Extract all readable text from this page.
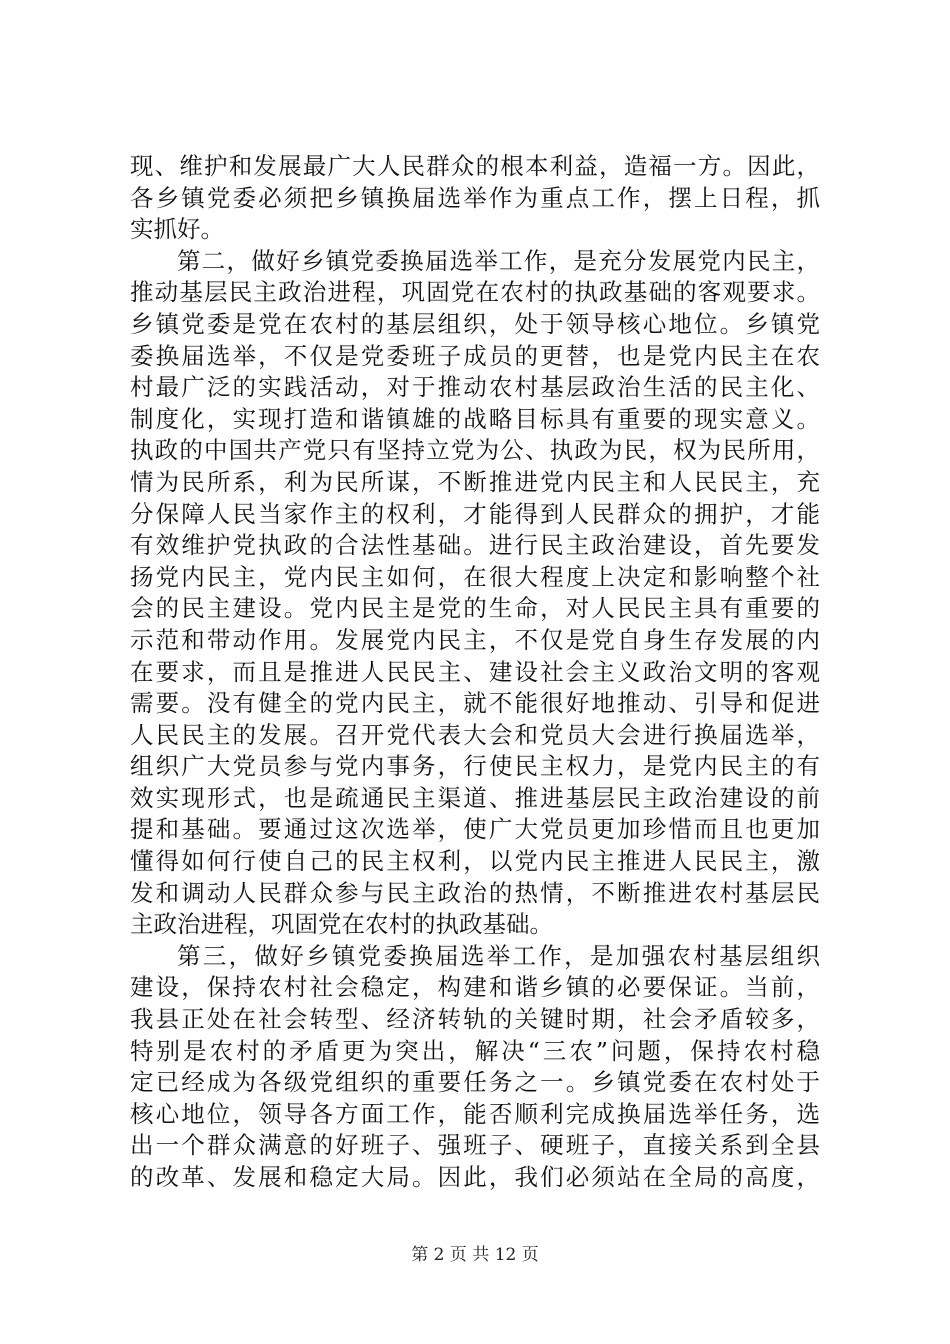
现、维护和发展最广大人民群众的根本利益，造福一方。因此，
各乡镇党委必须把乡镇换届选举作为重点工作，摆上日程，抓
实抓好。
第二，做好乡镇党委换届选举工作，是充分发展党内民主，
推动基层民主政治进程，巩固党在农村的执政基础的客观要求。
乡镇党委是党在农村的基层组织，处于领导核心地位。乡镇党
委换届选举，不仅是党委班子成员的更替，也是党内民主在农
村最广泛的实践活动，对于推动农村基层政治生活的民主化、
制度化，实现打造和谐镇雄的战略目标具有重要的现实意义。
执政的中国共产党只有坚持立党为公、执政为民，权为民所用，
情为民所系，利为民所谋，不断推进党内民主和人民民主，充
分保障人民当家作主的权利，才能得到人民群众的拥护，才能
有效维护党执政的合法性基础。进行民主政治建设，首先要发
扬党内民主，党内民主如何，在很大程度上决定和影响整个社
会的民主建设。党内民主是党的生命，对人民民主具有重要的
示范和带动作用。发展党内民主，不仅是党自身生存发展的内
在要求，而且是推进人民民主、建设社会主义政治文明的客观
需要。没有健全的党内民主，就不能很好地推动、引导和促进
人民民主的发展。召开党代表大会和党员大会进行换届选举，
组织广大党员参与党内事务，行使民主权力，是党内民主的有
效实现形式，也是疏通民主渠道、推进基层民主政治建设的前
提和基础。要通过这次选举，使广大党员更加珍惜而且也更加
懂得如何行使自己的民主权利，以党内民主推进人民民主，激
发和调动人民群众参与民主政治的热情，不断推进农村基层民
主政治进程，巩固党在农村的执政基础。
第三，做好乡镇党委换届选举工作，是加强农村基层组织
建设，保持农村社会稳定，构建和谐乡镇的必要保证。当前，
我县正处在社会转型、经济转轨的关键时期，社会矛盾较多，
特别是农村的矛盾更为突出，解决“三农”问题，保持农村稳
定已经成为各级党组织的重要任务之一。乡镇党委在农村处于
核心地位，领导各方面工作，能否顺利完成换届选举任务，选
出一个群众满意的好班子、强班子、硬班子，直接关系到全县
的改革、发展和稳定大局。因此，我们必须站在全局的高度，
第 2 页 共 12 页
